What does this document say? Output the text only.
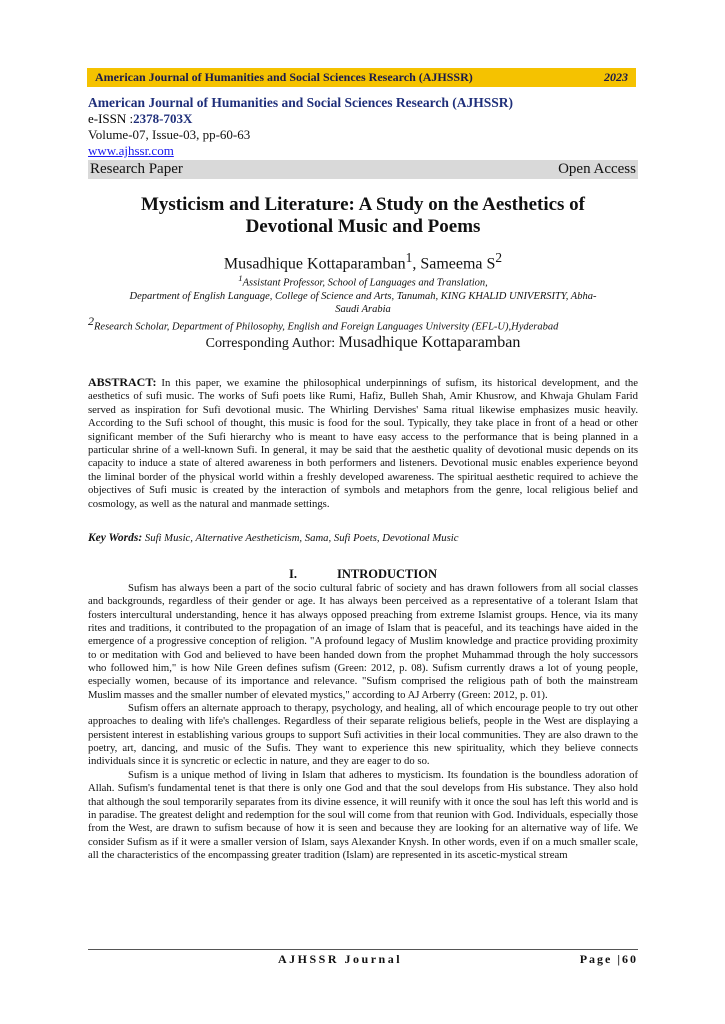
American Journal of Humanities and Social Sciences Research (AJHSSR)	2023
American Journal of Humanities and Social Sciences Research (AJHSSR)
e-ISSN :2378-703X
Volume-07, Issue-03, pp-60-63
www.ajhssr.com
Research Paper	Open Access
Mysticism and Literature: A Study on the Aesthetics of
Devotional Music and Poems
Musadhique Kottaparamban$^1$, Sameema $S^2$
$^1$Assistant Professor, School of Languages and Translation,
Department of English Language, College of Science and Arts, Tanumah, KING KHALID UNIVERSITY, Abha-
Saudi Arabia
$^2$Research Scholar, Department of Philosophy, English and Foreign Languages University (EFL-U),Hyderabad
Corresponding Author: Musadhique Kottaparamban
ABSTRACT: In this paper, we examine the philosophical underpinnings of sufism, its historical development, and the aesthetics of sufi music. The works of Sufi poets like Rumi, Hafiz, Bulleh Shah, Amir Khusrow, and Khwaja Ghulam Farid served as inspiration for Sufi devotional music. The Whirling Dervishes' Sama ritual likewise emphasizes music heavily. According to the Sufi school of thought, this music is food for the soul. Typically, they take place in front of a head or other significant member of the Sufi hierarchy who is meant to have easy access to the performance that is being planned in a particular shrine of a well-known Sufi. In general, it may be said that the aesthetic quality of devotional music depends on its capacity to induce a state of altered awareness in both performers and listeners. Devotional music enables experience beyond the liminal border of the physical world within a freshly developed awareness. The spiritual aesthetic required to achieve the objectives of Sufi music is created by the interaction of symbols and metaphors from the genre, local religious belief and cosmology, as well as the natural and manmade settings.
Key Words: Sufi Music, Alternative Aestheticism, Sama, Sufi Poets, Devotional Music
I.	INTRODUCTION

Sufism has always been a part of the socio cultural fabric of society and has drawn followers from all social classes and backgrounds, regardless of their gender or age. It has always been perceived as a representative of a tolerant Islam that fosters intercultural understanding, hence it has always opposed preaching from extreme Islamist groups. Hence, via its many rites and traditions, it contributed to the propagation of an image of Islam that is peaceful, and its teachings have aided in the emergence of a progressive conception of religion. "A profound legacy of Muslim knowledge and practice providing proximity to or meditation with God and believed to have been handed down from the prophet Muhammad through the holy successors who followed him," is how Nile Green defines sufism (Green: 2012, p. 08). Sufism currently draws a lot of young people, especially women, because of its importance and relevance. "Sufism comprised the religious path of both the mainstream Muslim masses and the smaller number of elevated mystics," according to AJ Arberry (Green: 2012, p. 01).

Sufism offers an alternate approach to therapy, psychology, and healing, all of which encourage people to try out other approaches to dealing with life's challenges. Regardless of their separate religious beliefs, people in the West are displaying a persistent interest in establishing various groups to support Sufi activities in their local communities. They are also drawn to the poetry, art, dancing, and music of the Sufis. They want to experience this new spirituality, which they believe connects individuals since it is syncretic or eclectic in nature, and they are eager to do so.

Sufism is a unique method of living in Islam that adheres to mysticism. Its foundation is the boundless adoration of Allah. Sufism's fundamental tenet is that there is only one God and that the soul develops from His substance. They also hold that although the soul temporarily separates from its divine essence, it will reunify with it once the soul has left this world and is in paradise. The greatest delight and redemption for the soul will come from that reunion with God. Individuals, especially those from the West, are drawn to sufism because of how it is seen and because they are looking for an alternative way of life. We consider Sufism as if it were a smaller version of Islam, says Alexander Knysh. In other words, even if on a much smaller scale, all the characteristics of the encompassing greater tradition (Islam) are represented in its ascetic-mystical stream

AJHSSR Journal	Page |60
